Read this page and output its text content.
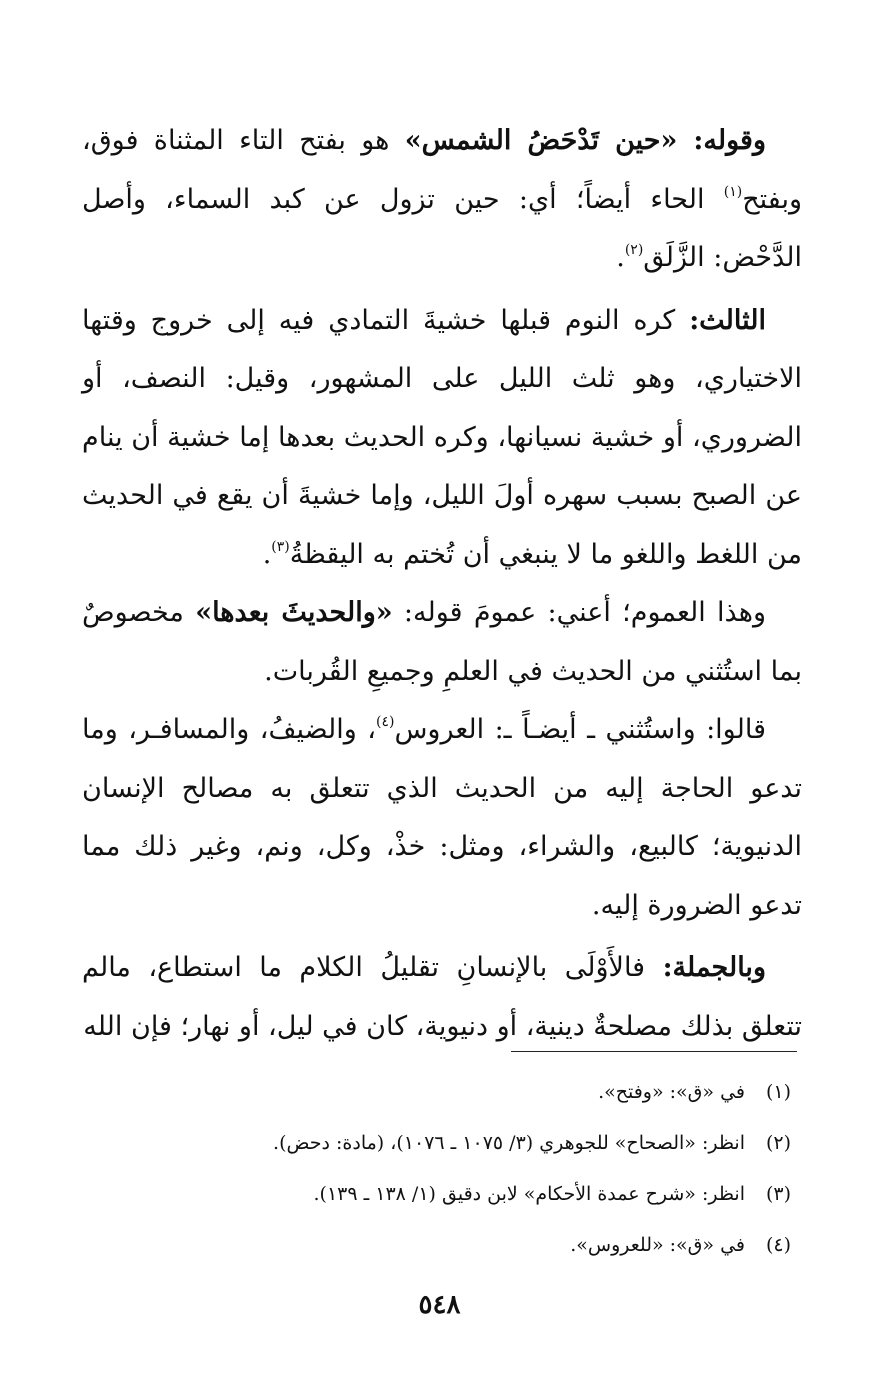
وقوله: «حين تَدْحَضُ الشمس» هو بفتح التاء المثناة فوق، وبفتح$^{(١)}$ الحاء أيضاً؛ أي: حين تزول عن كبد السماء، وأصل الدَّحْض: الزَّلَق$^{(٢)}$.

الثالث: كره النوم قبلها خشيةَ التمادي فيه إلى خروج وقتها الاختياري، وهو ثلث الليل على المشهور، وقيل: النصف، أو الضروري، أو خشية نسيانها، وكره الحديث بعدها إما خشية أن ينام عن الصبح بسبب سهره أولَ الليل، وإما خشيةَ أن يقع في الحديث من اللغط واللغو ما لا ينبغي أن تُختم به اليقظةُ$^{(٣)}$.

وهذا العموم؛ أعني: عمومَ قوله: «والحديثَ بعدها» مخصوصٌ بما استُثني من الحديث في العلمِ وجميعِ القُربات.

قالوا: واستُثني ـ أيضـاً ـ: العروس$^{(٤)}$، والضيفُ، والمسافـر، وما تدعو الحاجة إليه من الحديث الذي تتعلق به مصالح الإنسان الدنيوية؛ كالبيع، والشراء، ومثل: خذْ، وكل، ونم، وغير ذلك مما تدعو الضرورة إليه.

وبالجملة: فالأَوْلَى بالإنسانِ تقليلُ الكلام ما استطاع، مالم تتعلق بذلك مصلحةٌ دينية، أو دنيوية، كان في ليل، أو نهار؛ فإن الله

(١)
في «ق»: «وفتح».
(٢)
انظر: «الصحاح» للجوهري (٣/ ١٠٧٥ ـ ١٠٧٦)، (مادة: دحض).
(٣)
انظر: «شرح عمدة الأحكام» لابن دقيق (١/ ١٣٨ ـ ١٣٩).
(٤)
في «ق»: «للعروس».
٥٤٨
